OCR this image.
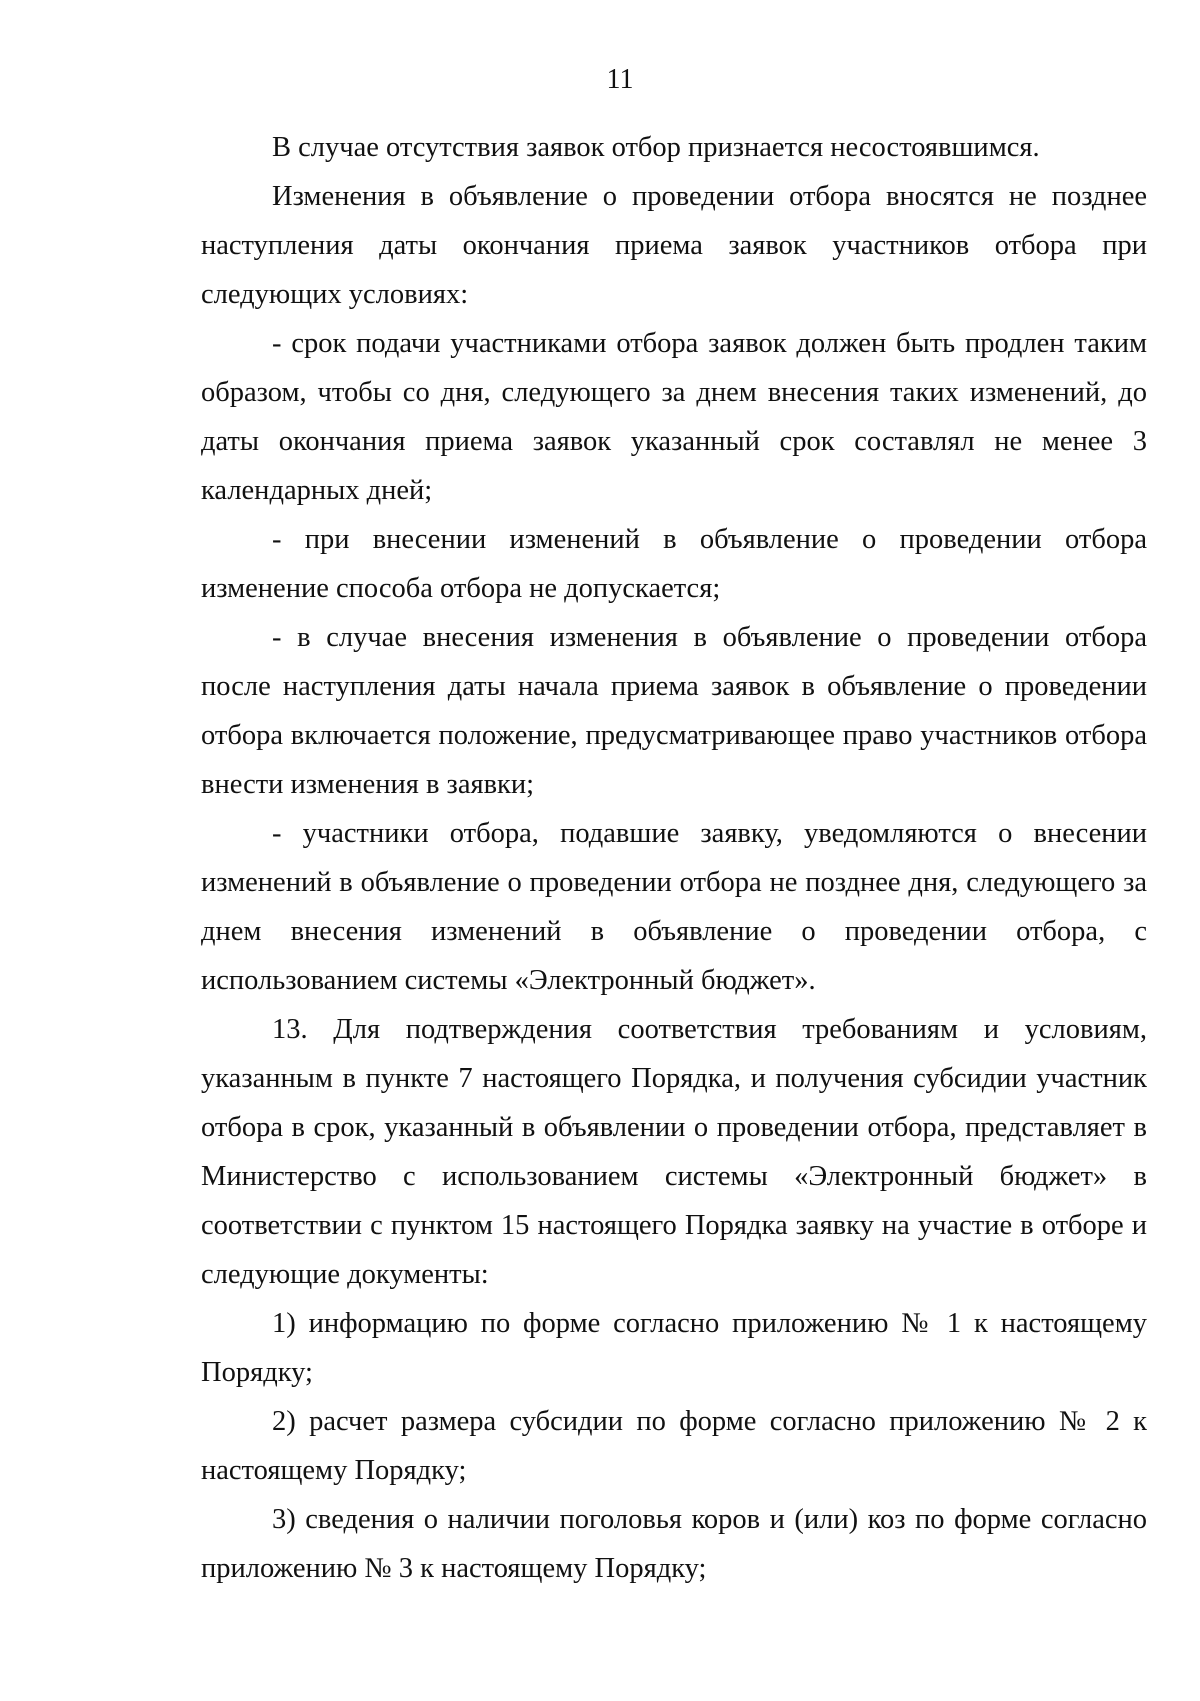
11

В случае отсутствия заявок отбор признается несостоявшимся.

Изменения в объявление о проведении отбора вносятся не позднее наступления даты окончания приема заявок участников отбора при следующих условиях:

- срок подачи участниками отбора заявок должен быть продлен таким образом, чтобы со дня, следующего за днем внесения таких изменений, до даты окончания приема заявок указанный срок составлял не менее 3 календарных дней;

- при внесении изменений в объявление о проведении отбора изменение способа отбора не допускается;

- в случае внесения изменения в объявление о проведении отбора после наступления даты начала приема заявок в объявление о проведении отбора включается положение, предусматривающее право участников отбора внести изменения в заявки;

- участники отбора, подавшие заявку, уведомляются о внесении изменений в объявление о проведении отбора не позднее дня, следующего за днем внесения изменений в объявление о проведении отбора, с использованием системы «Электронный бюджет».

13. Для подтверждения соответствия требованиям и условиям, указанным в пункте 7 настоящего Порядка, и получения субсидии участник отбора в срок, указанный в объявлении о проведении отбора, представляет в Министерство с использованием системы «Электронный бюджет» в соответствии с пунктом 15 настоящего Порядка заявку на участие в отборе и следующие документы:

1) информацию по форме согласно приложению № 1 к настоящему Порядку;

2) расчет размера субсидии по форме согласно приложению № 2 к настоящему Порядку;

3) сведения о наличии поголовья коров и (или) коз по форме согласно приложению № 3 к настоящему Порядку;
